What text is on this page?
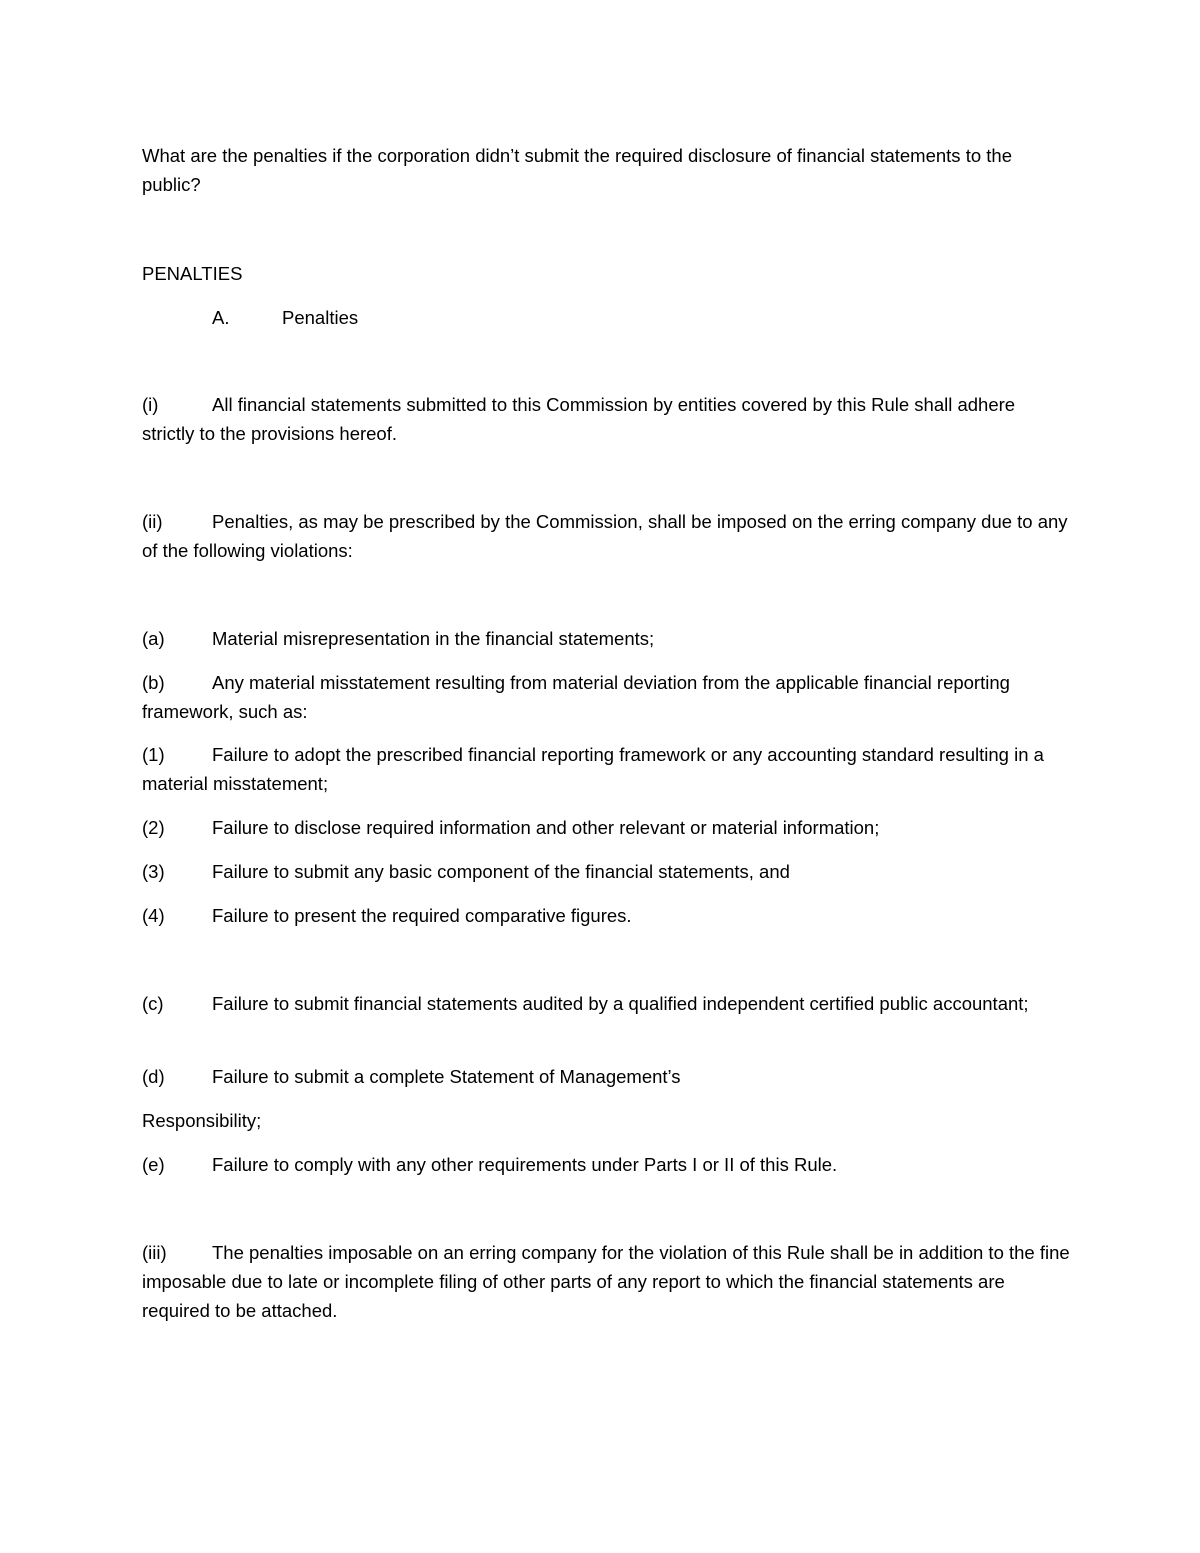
What are the penalties if the corporation didn’t submit the required disclosure of financial statements to the public?

PENALTIES

A.	Penalties

(i)	All financial statements submitted to this Commission by entities covered by this Rule shall adhere strictly to the provisions hereof.

(ii)	Penalties, as may be prescribed by the Commission, shall be imposed on the erring company due to any of the following violations:

(a)	Material misrepresentation in the financial statements;

(b)	Any material misstatement resulting from material deviation from the applicable financial reporting framework, such as:

(1)	Failure to adopt the prescribed financial reporting framework or any accounting standard resulting in a material misstatement;

(2)	Failure to disclose required information and other relevant or material information;

(3)	Failure to submit any basic component of the financial statements, and

(4)	Failure to present the required comparative figures.

(c)	Failure to submit financial statements audited by a qualified independent certified public accountant;

(d)	Failure to submit a complete Statement of Management’s

Responsibility;

(e)	Failure to comply with any other requirements under Parts I or II of this Rule.

(iii) The penalties imposable on an erring company for the violation of this Rule shall be in addition to the fine imposable due to late or incomplete filing of other parts of any report to which the financial statements are required to be attached.
